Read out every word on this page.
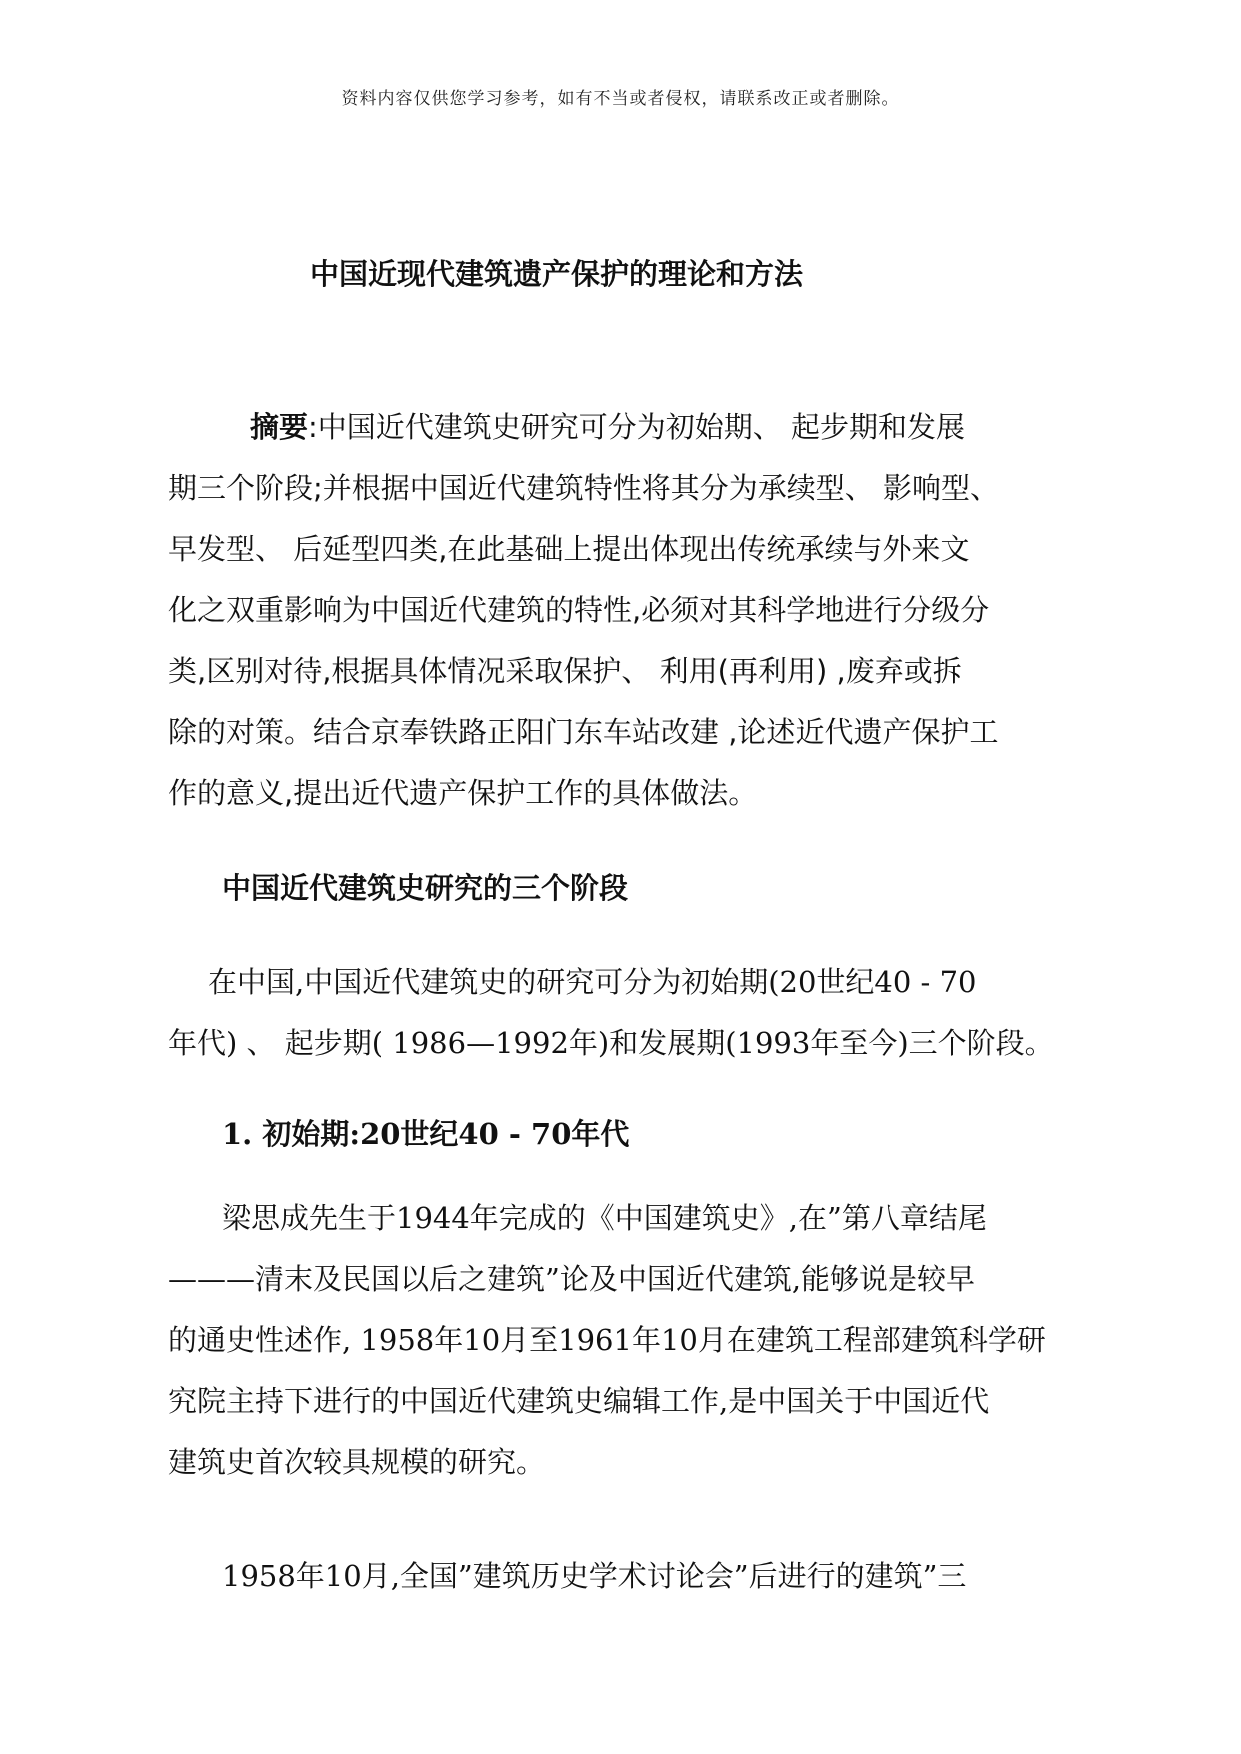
资料内容仅供您学习参考，如有不当或者侵权，请联系改正或者删除。
中国近现代建筑遗产保护的理论和方法
摘要:中国近代建筑史研究可分为初始期、 起步期和发展
期三个阶段;并根据中国近代建筑特性将其分为承续型、 影响型、
早发型、 后延型四类,在此基础上提出体现出传统承续与外来文
化之双重影响为中国近代建筑的特性,必须对其科学地进行分级分
类,区别对待,根据具体情况采取保护、 利用(再利用) ,废弃或拆
除的对策。结合京奉铁路正阳门东车站改建 ,论述近代遗产保护工
作的意义,提出近代遗产保护工作的具体做法。
中国近代建筑史研究的三个阶段
在中国,中国近代建筑史的研究可分为初始期(20世纪40 - 70
年代) 、 起步期( 1986—1992年)和发展期(1993年至今)三个阶段。
1. 初始期:20世纪40 - 70年代
梁思成先生于1944年完成的《中国建筑史》,在”第八章结尾
———清末及民国以后之建筑”论及中国近代建筑,能够说是较早
的通史性述作, 1958年10月至1961年10月在建筑工程部建筑科学研
究院主持下进行的中国近代建筑史编辑工作,是中国关于中国近代
建筑史首次较具规模的研究。
1958年10月,全国”建筑历史学术讨论会”后进行的建筑”三
